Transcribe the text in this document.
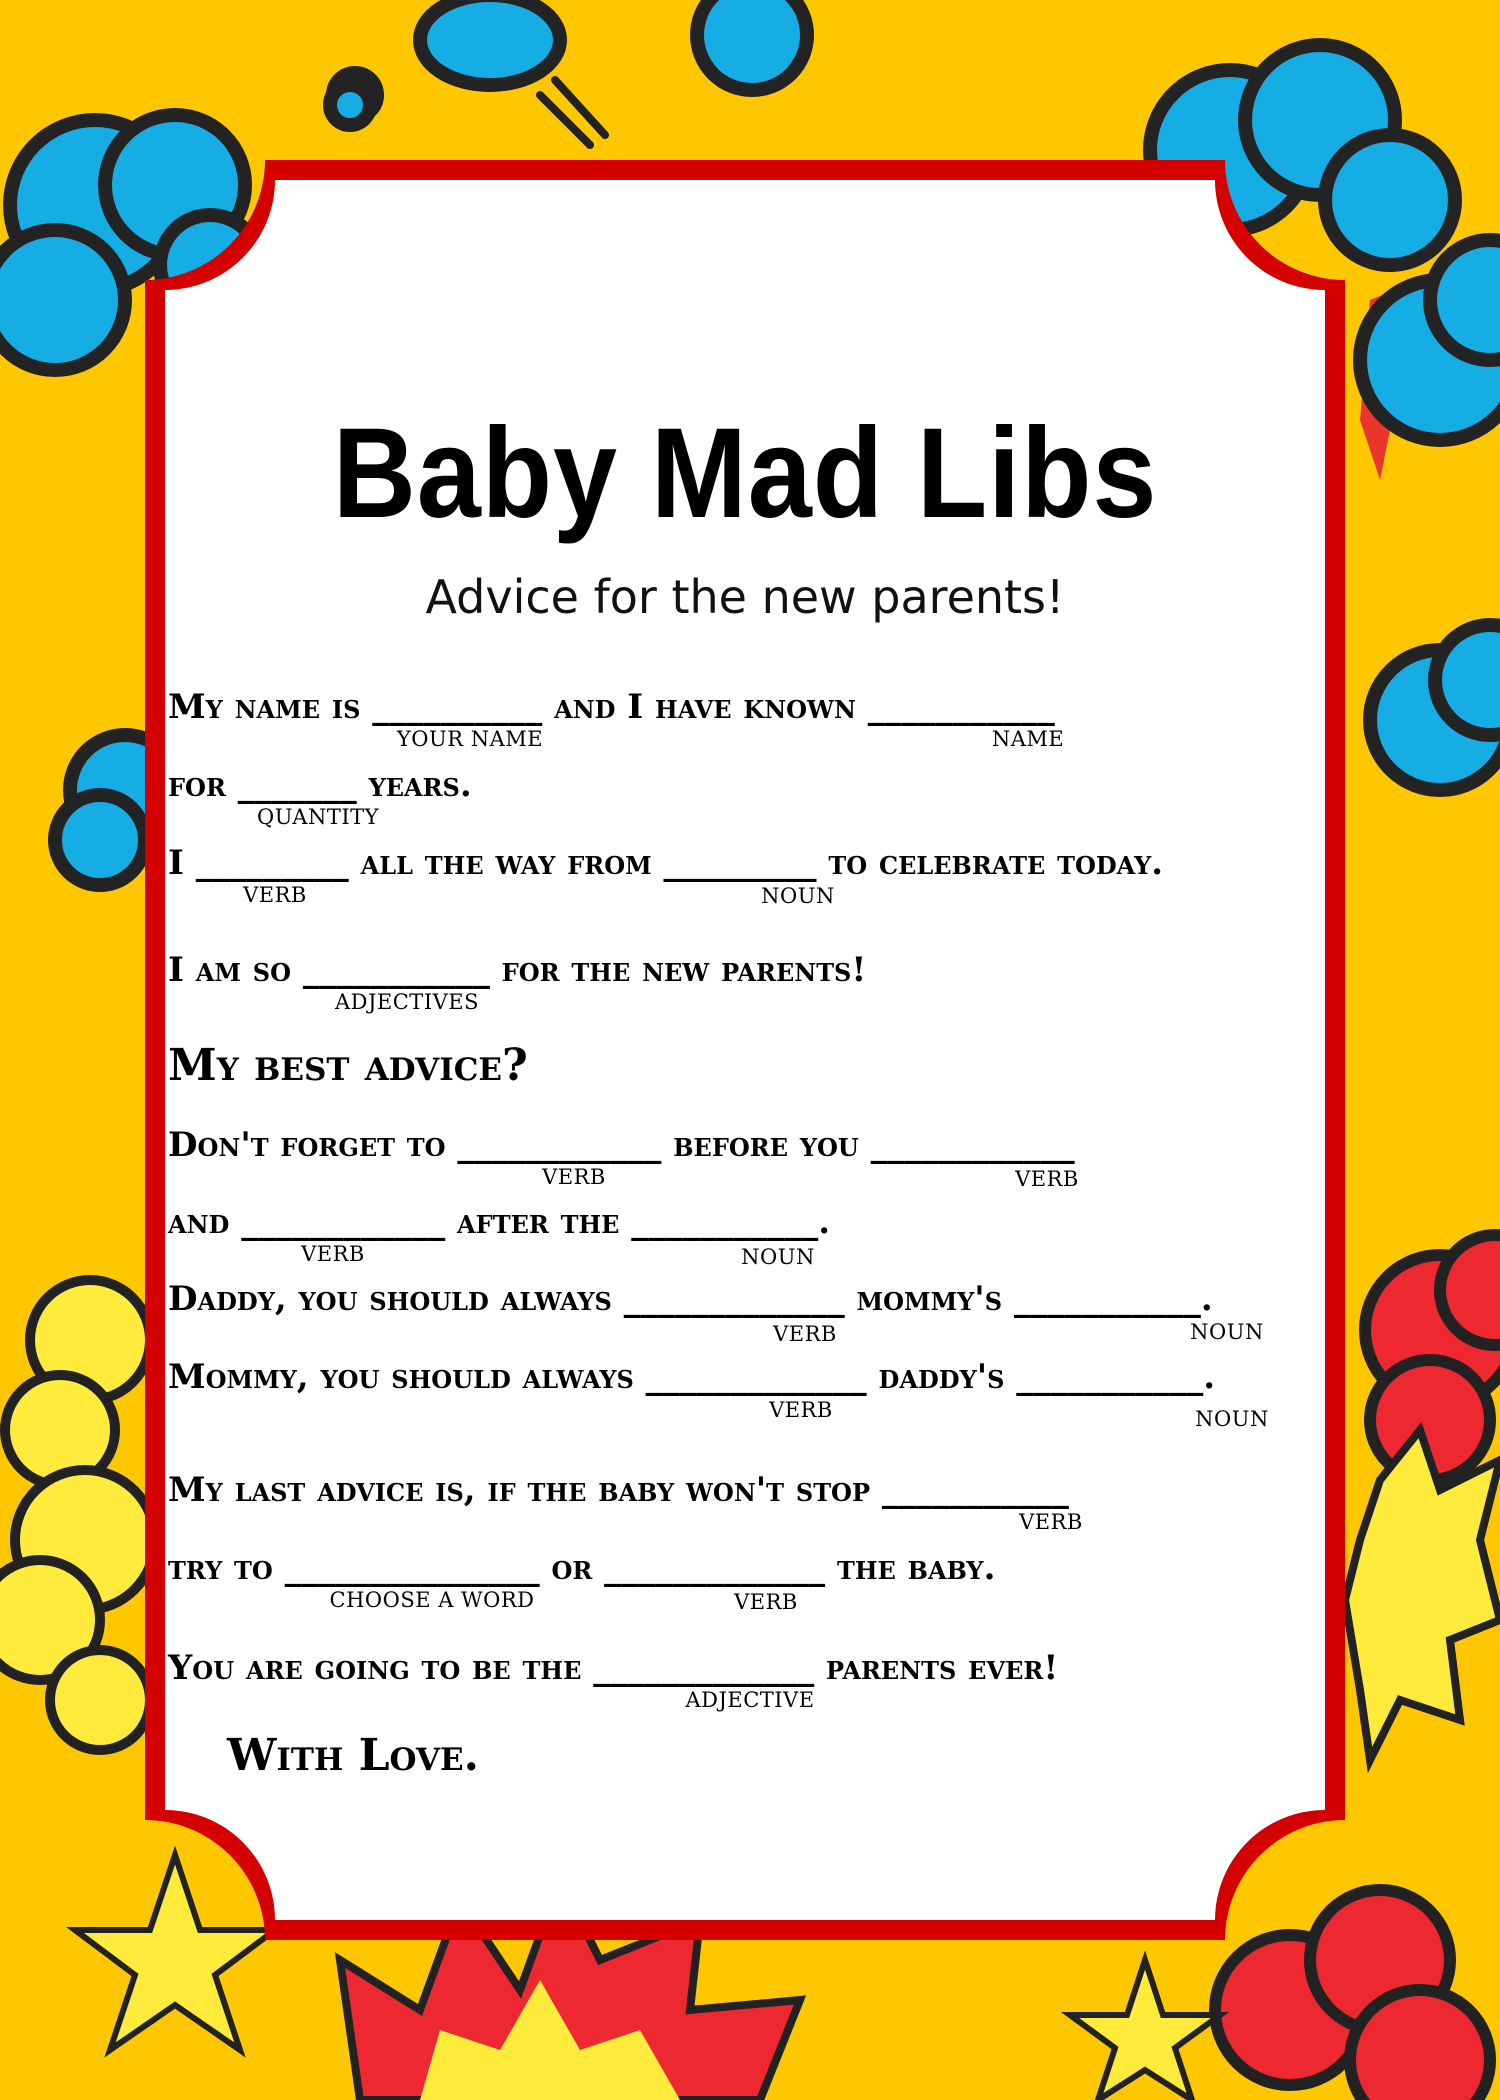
Baby Mad Libs

Advice for the new parents!

My name is __________ and I have known ___________
YOUR NAME	NAME
for _______ years.
QUANTITY
I _________ all the way from _________ to celebrate today.
VERB	NOUN
I am so ___________ for the new parents!
ADJECTIVES
My best advice?
Don't forget to ____________ before you ____________
VERB	VERB
and ____________ after the ___________.
VERB	NOUN
Daddy, you should always _____________ mommy's ___________.
VERB	NOUN
Mommy, you should always _____________ daddy's ___________.
VERB	NOUN
My last advice is, if the baby won't stop ___________
VERB
try to _______________ or _____________ the baby.
CHOOSE A WORD	VERB
You are going to be the _____________ parents ever!
ADJECTIVE
With Love.
